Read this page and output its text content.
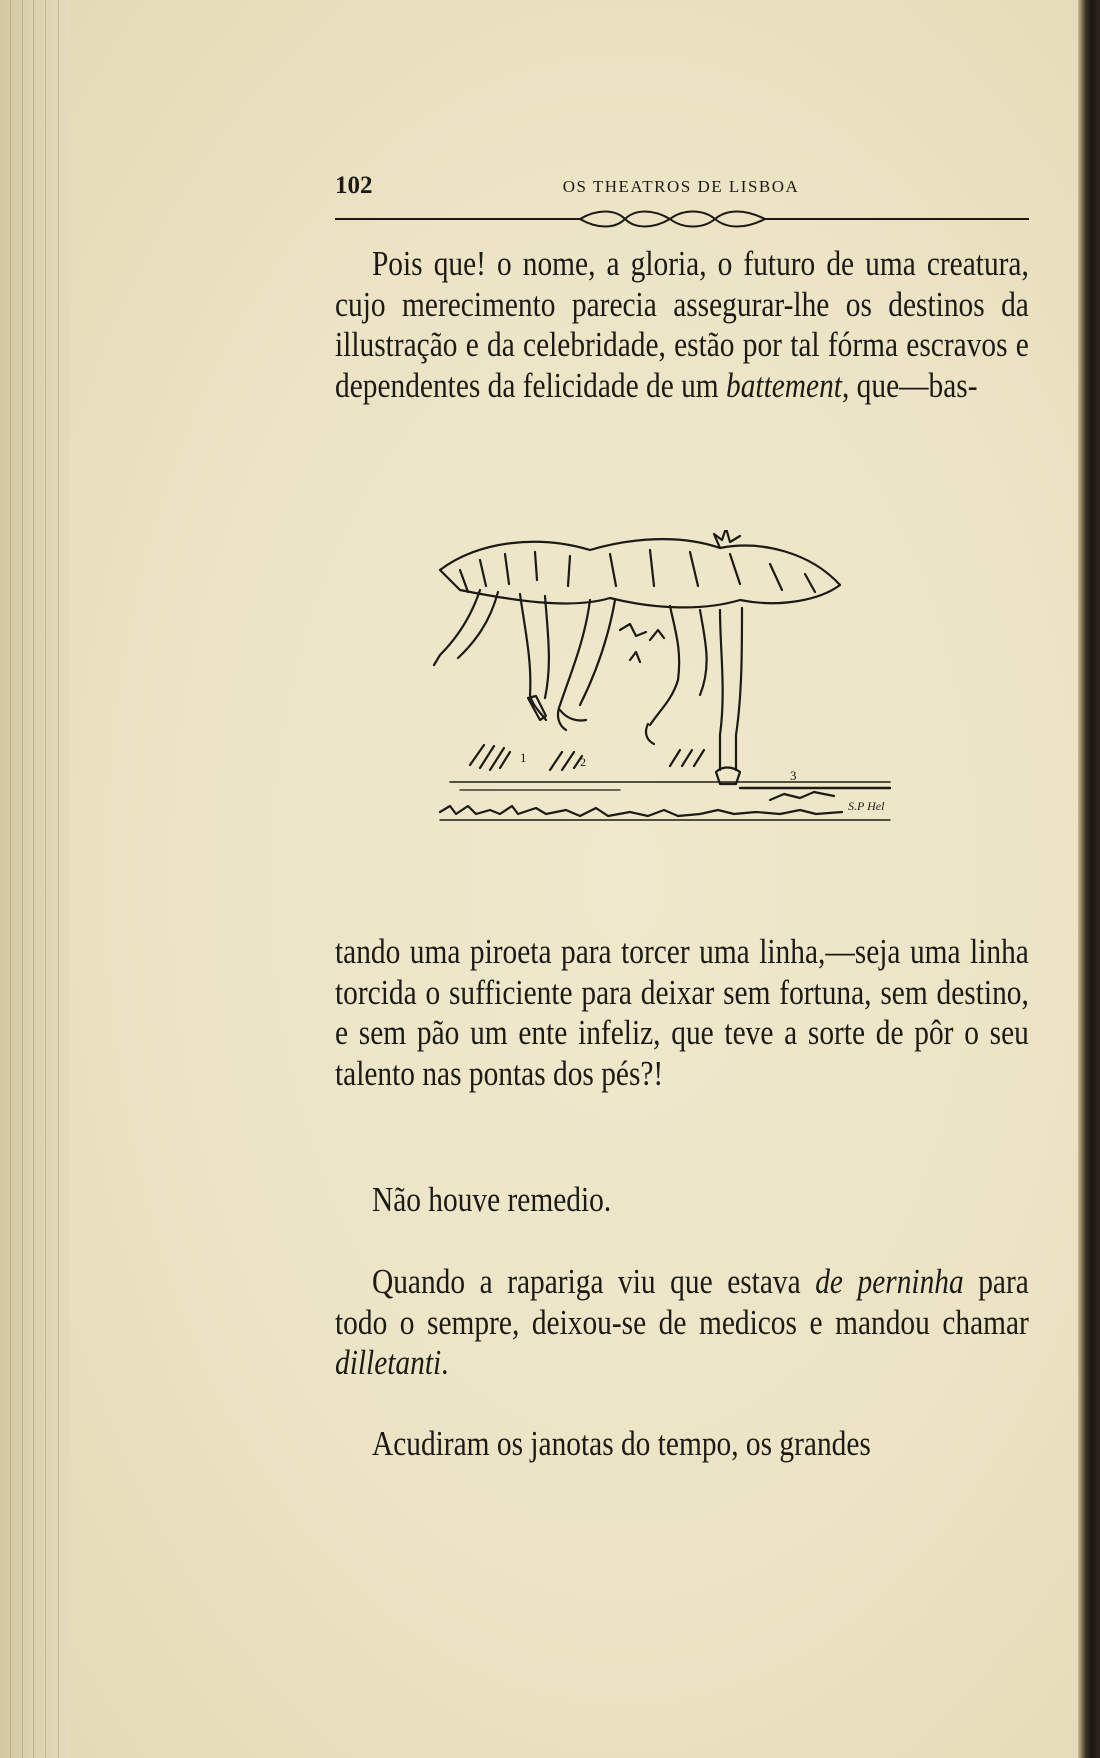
102	OS THEATROS DE LISBOA

Pois que! o nome, a gloria, o futuro de uma creatura, cujo merecimento parecia assegurar-lhe os destinos da illustração e da celebridade, estão por tal fórma escravos e dependentes da felicidade de um battement, que—bas-

1	2
3
S.P Hel

tando uma piroeta para torcer uma linha,—seja uma linha torcida o sufficiente para deixar sem fortuna, sem destino, e sem pão um ente infeliz, que teve a sorte de pôr o seu talento nas pontas dos pés?!

Não houve remedio.

Quando a rapariga viu que estava de perninha para todo o sempre, deixou-se de medicos e mandou chamar dilletanti.

Acudiram os janotas do tempo, os grandes
